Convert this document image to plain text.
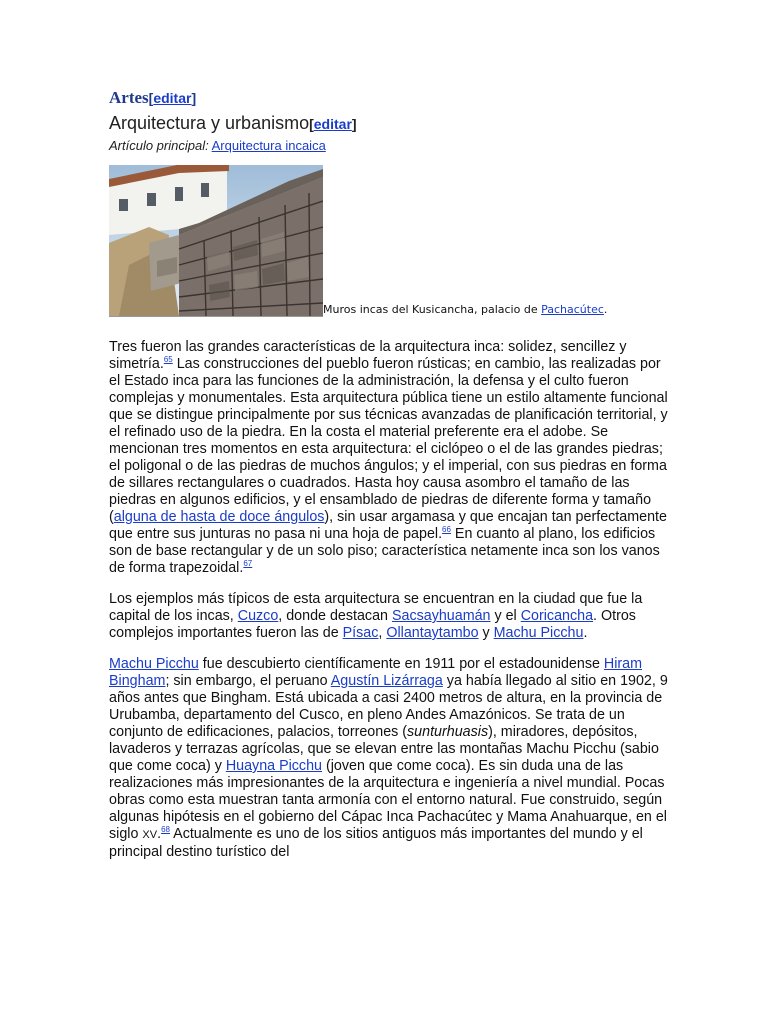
Artes[editar]
Arquitectura y urbanismo[editar]
Artículo principal: Arquitectura incaica
Muros incas del Kusicancha, palacio de Pachacútec.

Tres fueron las grandes características de la arquitectura inca: solidez, sencillez y simetría.$^{65}$ Las construcciones del pueblo fueron rústicas; en cambio, las realizadas por el Estado inca para las funciones de la administración, la defensa y el culto fueron complejas y monumentales. Esta arquitectura pública tiene un estilo altamente funcional que se distingue principalmente por sus técnicas avanzadas de planificación territorial, y el refinado uso de la piedra. En la costa el material preferente era el adobe. Se mencionan tres momentos en esta arquitectura: el ciclópeo o el de las grandes piedras; el poligonal o de las piedras de muchos ángulos; y el imperial, con sus piedras en forma de sillares rectangulares o cuadrados. Hasta hoy causa asombro el tamaño de las piedras en algunos edificios, y el ensamblado de piedras de diferente forma y tamaño (alguna de hasta de doce ángulos), sin usar argamasa y que encajan tan perfectamente que entre sus junturas no pasa ni una hoja de papel.$^{66}$ En cuanto al plano, los edificios son de base rectangular y de un solo piso; característica netamente inca son los vanos de forma trapezoidal.$^{67}$

Los ejemplos más típicos de esta arquitectura se encuentran en la ciudad que fue la capital de los incas, Cuzco, donde destacan Sacsayhuamán y el Coricancha. Otros complejos importantes fueron las de Písac, Ollantaytambo y Machu Picchu.

Machu Picchu fue descubierto científicamente en 1911 por el estadounidense Hiram Bingham; sin embargo, el peruano Agustín Lizárraga ya había llegado al sitio en 1902, 9 años antes que Bingham. Está ubicada a casi 2400 metros de altura, en la provincia de Urubamba, departamento del Cusco, en pleno Andes Amazónicos. Se trata de un conjunto de edificaciones, palacios, torreones (sunturhuasis), miradores, depósitos, lavaderos y terrazas agrícolas, que se elevan entre las montañas Machu Picchu (sabio que come coca) y Huayna Picchu (joven que come coca). Es sin duda una de las realizaciones más impresionantes de la arquitectura e ingeniería a nivel mundial. Pocas obras como esta muestran tanta armonía con el entorno natural. Fue construido, según algunas hipótesis en el gobierno del Cápac Inca Pachacútec y Mama Anahuarque, en el siglo XV.$^{68}$ Actualmente es uno de los sitios antiguos más importantes del mundo y el principal destino turístico del
